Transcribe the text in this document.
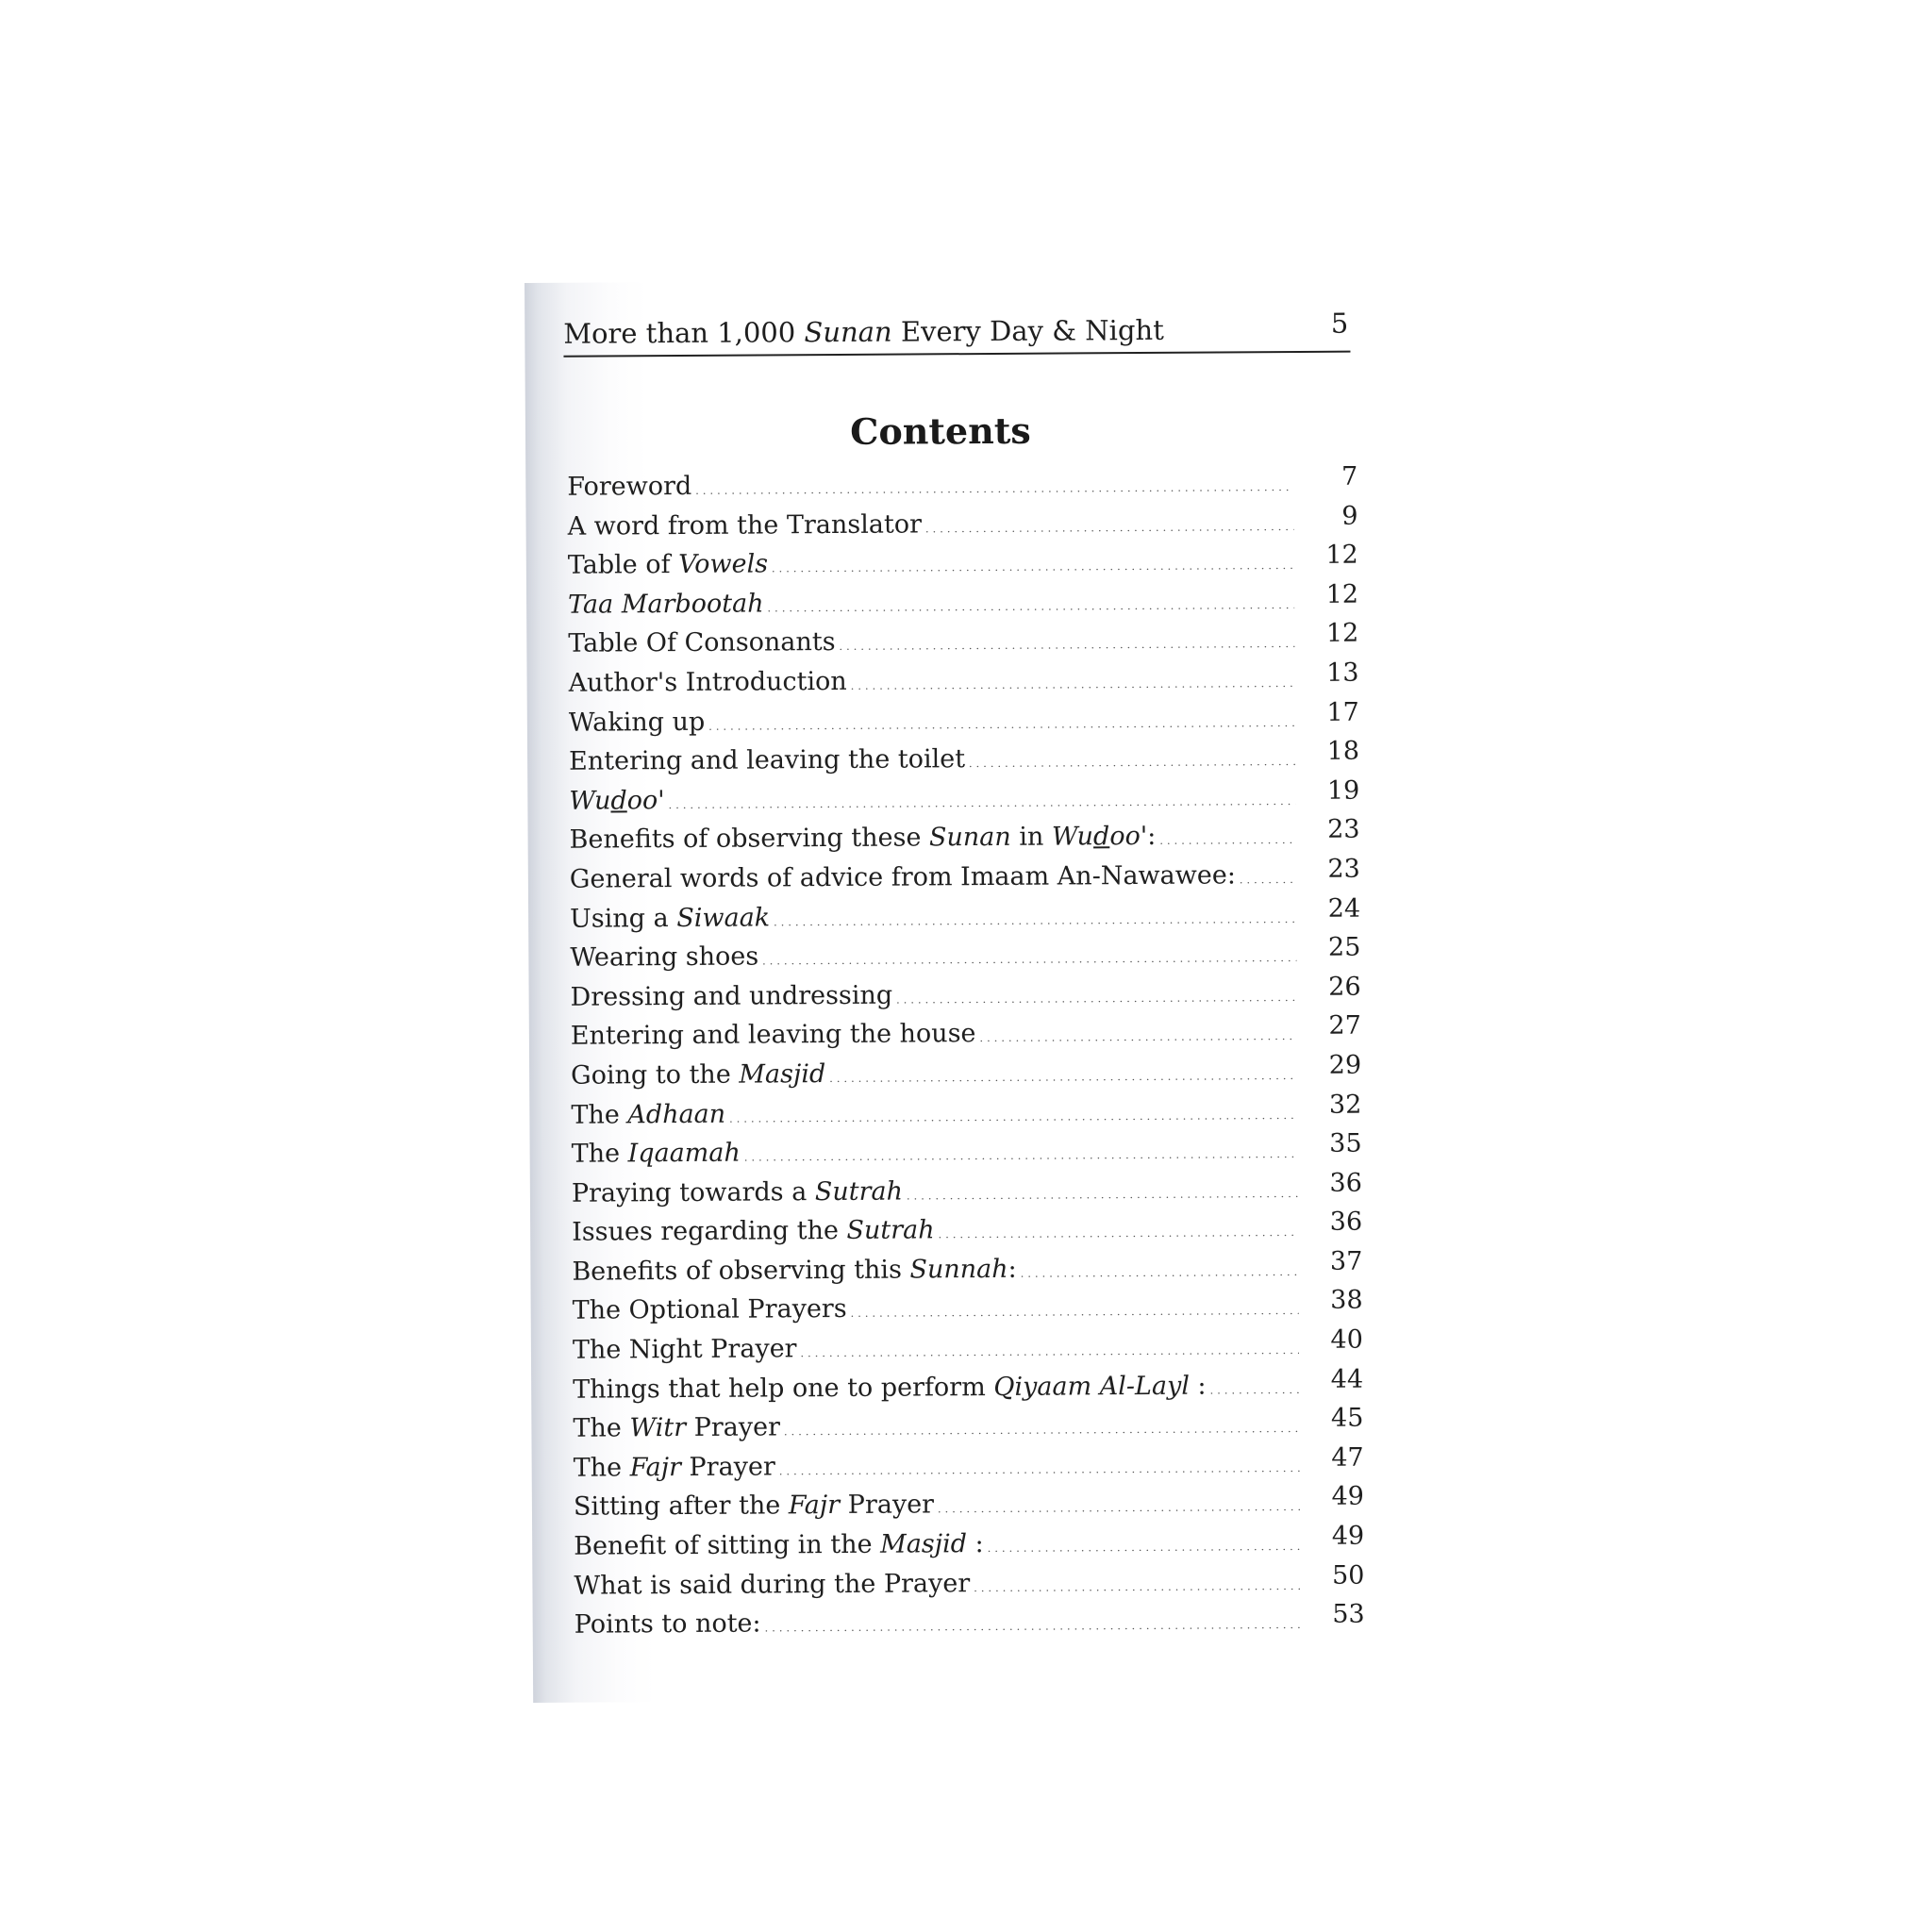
More than 1,000 Sunan Every Day & Night	5
Contents
Foreword . . .	7
A word from the Translator . . .	9
Table of Vowels . . .	12
Taa Marbootah . . .	12
Table Of Consonants . . .	12
Author's Introduction . . .	13
Waking up . . .	17
Entering and leaving the toilet . . .	18
Wudoo' . . .	19
Benefits of observing these Sunan in Wudoo': . . .	23
General words of advice from Imaam An-Nawawee: . . .	23
Using a Siwaak . . .	24
Wearing shoes . . .	25
Dressing and undressing . . .	26
Entering and leaving the house . . .	27
Going to the Masjid . . .	29
The Adhaan . . .	32
The Iqaamah . . .	35
Praying towards a Sutrah . . .	36
Issues regarding the Sutrah . . .	36
Benefits of observing this Sunnah: . . .	37
The Optional Prayers . . .	38
The Night Prayer . . .	40
Things that help one to perform Qiyaam Al-Layl : . . .	44
The Witr Prayer . . .	45
The Fajr Prayer . . .	47
Sitting after the Fajr Prayer . . .	49
Benefit of sitting in the Masjid : . . .	49
What is said during the Prayer . . .	50
Points to note: . . .	53
